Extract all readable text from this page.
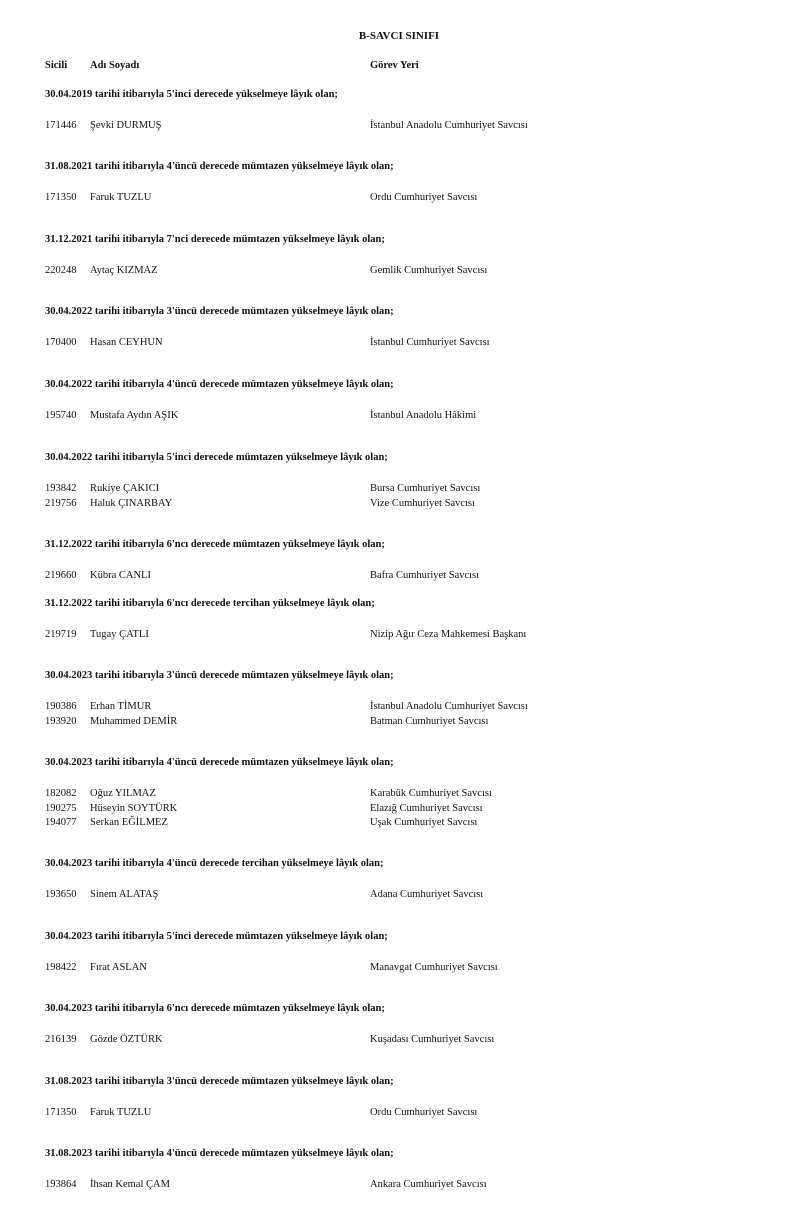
B-SAVCI SINIFI
Sicili Adı Soyadı	Görev Yeri
30.04.2019 tarihi itibarıyla 5'inci derecede yükselmeye lâyık olan;
171446 Şevki DURMUŞ	İstanbul Anadolu Cumhuriyet Savcısı
31.08.2021 tarihi itibarıyla 4'üncü derecede mümtazen yükselmeye lâyık olan;
171350 Faruk TUZLU	Ordu Cumhuriyet Savcısı
31.12.2021 tarihi itibarıyla 7'nci derecede mümtazen yükselmeye lâyık olan;
220248 Aytaç KIZMAZ	Gemlik Cumhuriyet Savcısı
30.04.2022 tarihi itibarıyla 3'üncü derecede mümtazen yükselmeye lâyık olan;
170400 Hasan CEYHUN	İstanbul Cumhuriyet Savcısı
30.04.2022 tarihi itibarıyla 4'üncü derecede mümtazen yükselmeye lâyık olan;
195740 Mustafa Aydın AŞIK	İstanbul Anadolu Hâkimi
30.04.2022 tarihi itibarıyla 5'inci derecede mümtazen yükselmeye lâyık olan;
193842 Rukiye ÇAKICI	Bursa Cumhuriyet Savcısı
219756 Haluk ÇINARBAY	Vize Cumhuriyet Savcısı
31.12.2022 tarihi itibarıyla 6'ncı derecede mümtazen yükselmeye lâyık olan;
219660 Kübra CANLI	Bafra Cumhuriyet Savcısı
31.12.2022 tarihi itibarıyla 6'ncı derecede tercihan yükselmeye lâyık olan;
219719 Tugay ÇATLI	Nizip Ağır Ceza Mahkemesi Başkanı
30.04.2023 tarihi itibarıyla 3'üncü derecede mümtazen yükselmeye lâyık olan;
190386 Erhan TİMUR	İstanbul Anadolu Cumhuriyet Savcısı
193920 Muhammed DEMİR	Batman Cumhuriyet Savcısı
30.04.2023 tarihi itibarıyla 4'üncü derecede mümtazen yükselmeye lâyık olan;
182082 Oğuz YILMAZ	Karabük Cumhuriyet Savcısı
190275 Hüseyin SOYTÜRK	Elazığ Cumhuriyet Savcısı
194077 Serkan EĞİLMEZ	Uşak Cumhuriyet Savcısı
30.04.2023 tarihi itibarıyla 4'üncü derecede tercihan yükselmeye lâyık olan;
193650 Sinem ALATAŞ	Adana Cumhuriyet Savcısı
30.04.2023 tarihi itibarıyla 5'inci derecede mümtazen yükselmeye lâyık olan;
198422 Fırat ASLAN	Manavgat Cumhuriyet Savcısı
30.04.2023 tarihi itibarıyla 6'ncı derecede mümtazen yükselmeye lâyık olan;
216139 Gözde ÖZTÜRK	Kuşadası Cumhuriyet Savcısı
31.08.2023 tarihi itibarıyla 3'üncü derecede mümtazen yükselmeye lâyık olan;
171350 Faruk TUZLU	Ordu Cumhuriyet Savcısı
31.08.2023 tarihi itibarıyla 4'üncü derecede mümtazen yükselmeye lâyık olan;
193864 İhsan Kemal ÇAM	Ankara Cumhuriyet Savcısı
